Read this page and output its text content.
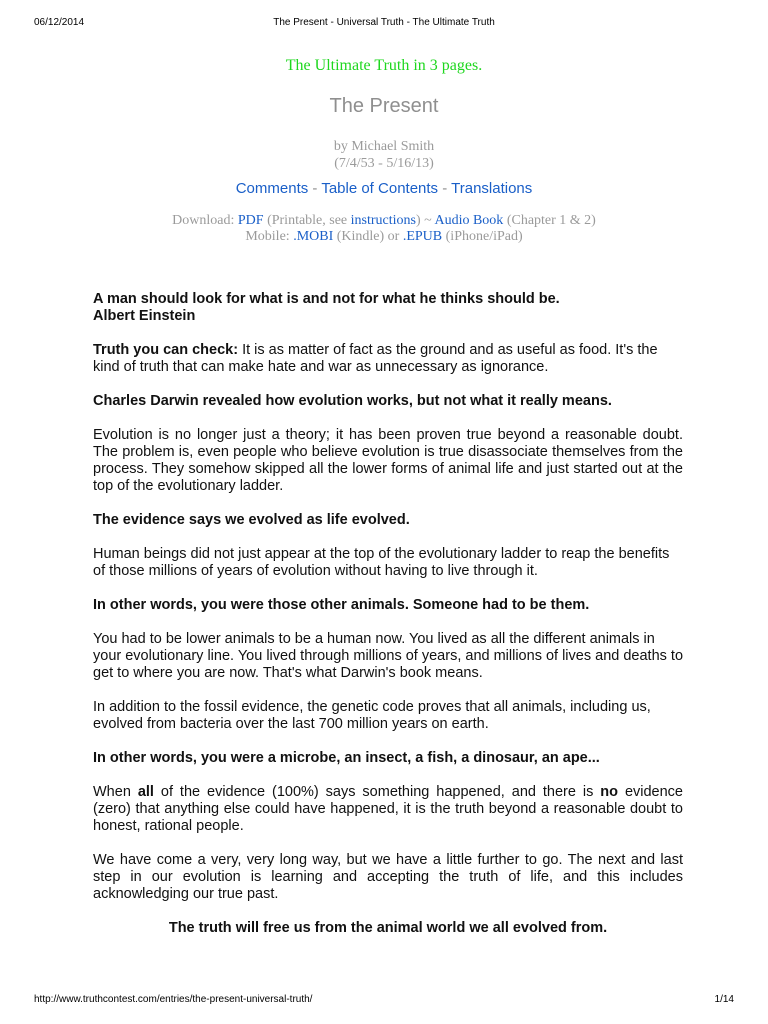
06/12/2014	The Present - Universal Truth - The Ultimate Truth
The Ultimate Truth in 3 pages.
The Present
by Michael Smith
(7/4/53 - 5/16/13)
Comments - Table of Contents - Translations
Download: PDF (Printable, see instructions) ~ Audio Book (Chapter 1 & 2)
Mobile: .MOBI (Kindle) or .EPUB (iPhone/iPad)

A man should look for what is and not for what he thinks should be.
Albert Einstein

Truth you can check: It is as matter of fact as the ground and as useful as food. It's the kind of truth that can make hate and war as unnecessary as ignorance.

Charles Darwin revealed how evolution works, but not what it really means.

Evolution is no longer just a theory; it has been proven true beyond a reasonable doubt. The problem is, even people who believe evolution is true disassociate themselves from the process. They somehow skipped all the lower forms of animal life and just started out at the top of the evolutionary ladder.

The evidence says we evolved as life evolved.

Human beings did not just appear at the top of the evolutionary ladder to reap the benefits of those millions of years of evolution without having to live through it.

In other words, you were those other animals. Someone had to be them.

You had to be lower animals to be a human now. You lived as all the different animals in your evolutionary line. You lived through millions of years, and millions of lives and deaths to get to where you are now. That's what Darwin's book means.

In addition to the fossil evidence, the genetic code proves that all animals, including us, evolved from bacteria over the last 700 million years on earth.

In other words, you were a microbe, an insect, a fish, a dinosaur, an ape...

When all of the evidence (100%) says something happened, and there is no evidence (zero) that anything else could have happened, it is the truth beyond a reasonable doubt to honest, rational people.

We have come a very, very long way, but we have a little further to go. The next and last step in our evolution is learning and accepting the truth of life, and this includes acknowledging our true past.

The truth will free us from the animal world we all evolved from.

http://www.truthcontest.com/entries/the-present-universal-truth/	1/14
